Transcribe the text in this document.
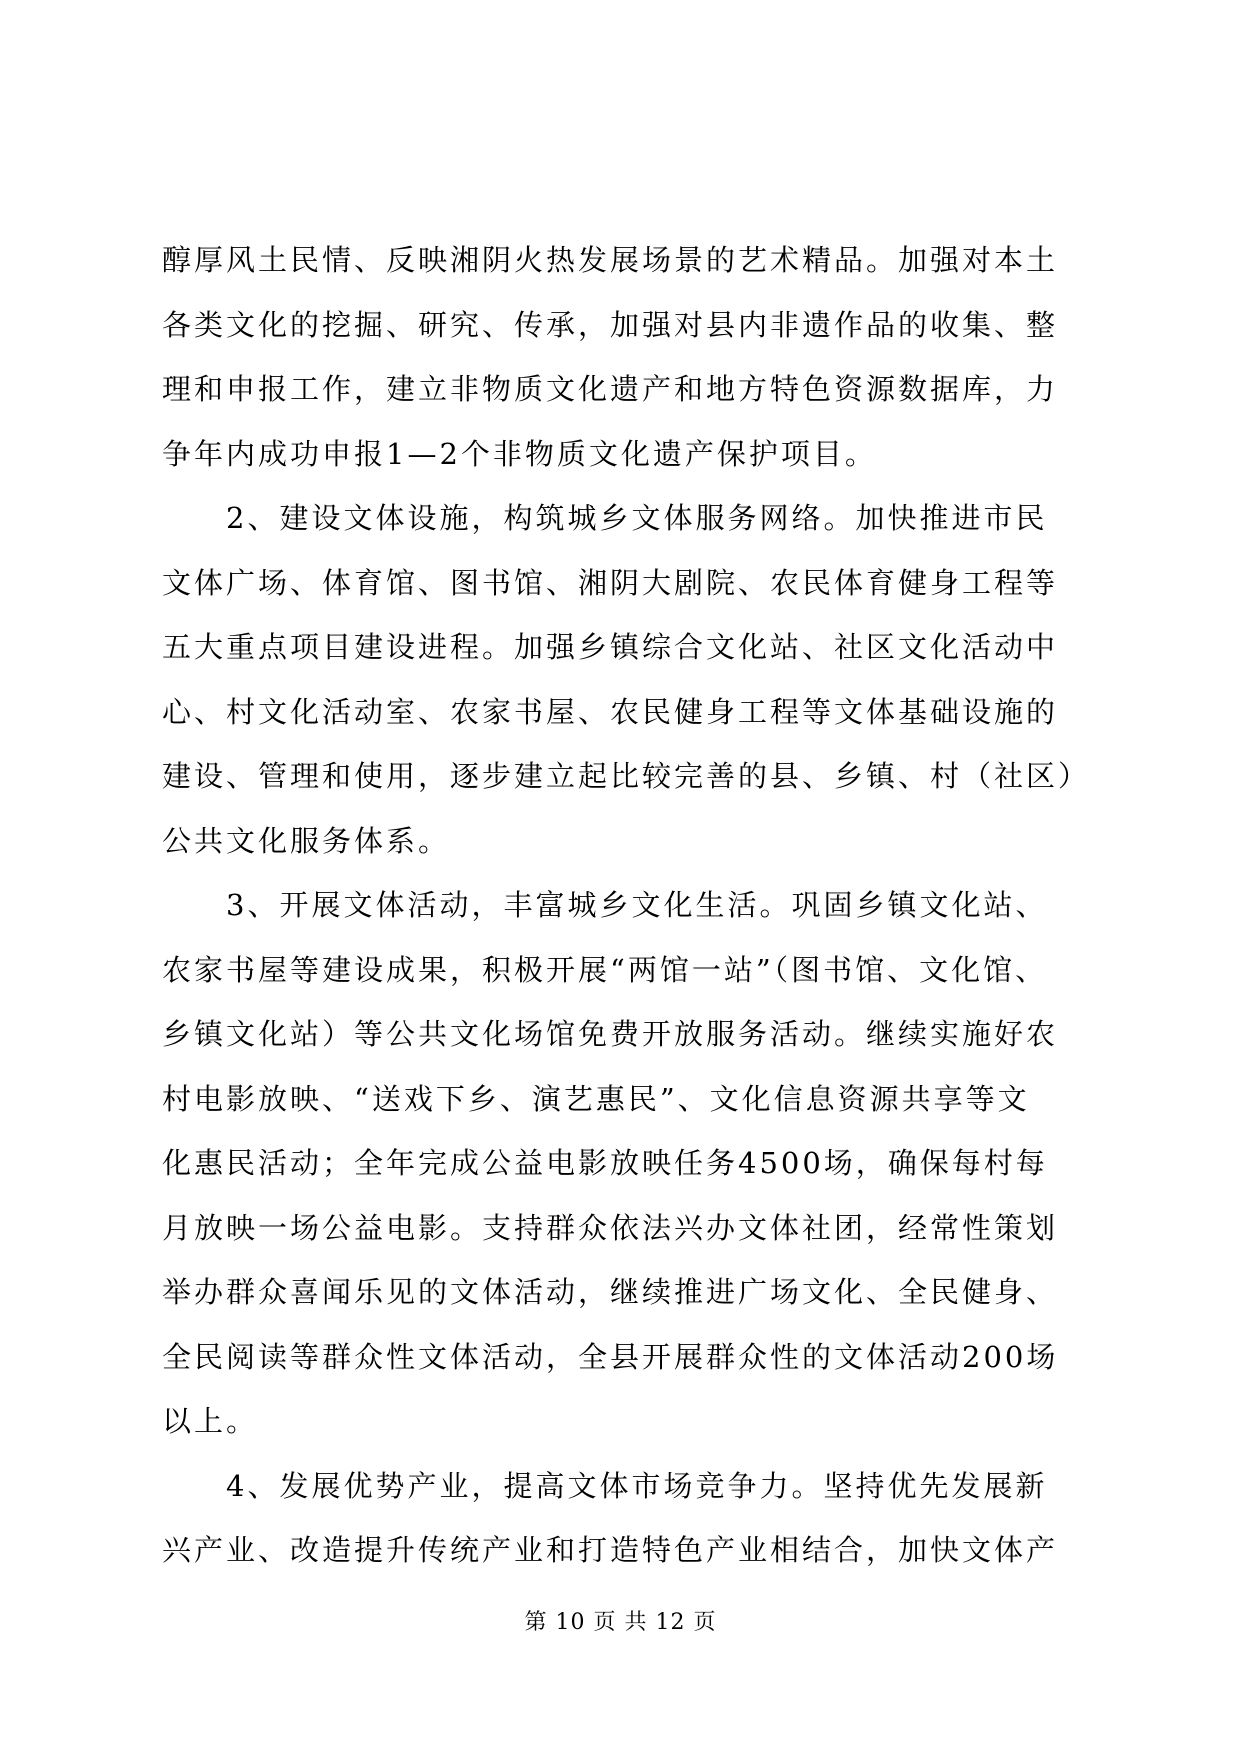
醇厚风土民情、反映湘阴火热发展场景的艺术精品。加强对本土
各类文化的挖掘、研究、传承，加强对县内非遗作品的收集、整
理和申报工作，建立非物质文化遗产和地方特色资源数据库，力
争年内成功申报1—2个非物质文化遗产保护项目。
　　2、建设文体设施，构筑城乡文体服务网络。加快推进市民
文体广场、体育馆、图书馆、湘阴大剧院、农民体育健身工程等
五大重点项目建设进程。加强乡镇综合文化站、社区文化活动中
心、村文化活动室、农家书屋、农民健身工程等文体基础设施的
建设、管理和使用，逐步建立起比较完善的县、乡镇、村（社区）
公共文化服务体系。
　　3、开展文体活动，丰富城乡文化生活。巩固乡镇文化站、
农家书屋等建设成果，积极开展“两馆一站”（图书馆、文化馆、
乡镇文化站）等公共文化场馆免费开放服务活动。继续实施好农
村电影放映、“送戏下乡、演艺惠民”、文化信息资源共享等文
化惠民活动；全年完成公益电影放映任务4500场，确保每村每
月放映一场公益电影。支持群众依法兴办文体社团，经常性策划
举办群众喜闻乐见的文体活动，继续推进广场文化、全民健身、
全民阅读等群众性文体活动，全县开展群众性的文体活动200场
以上。
　　4、发展优势产业，提高文体市场竞争力。坚持优先发展新
兴产业、改造提升传统产业和打造特色产业相结合，加快文体产
第 10 页 共 12 页
